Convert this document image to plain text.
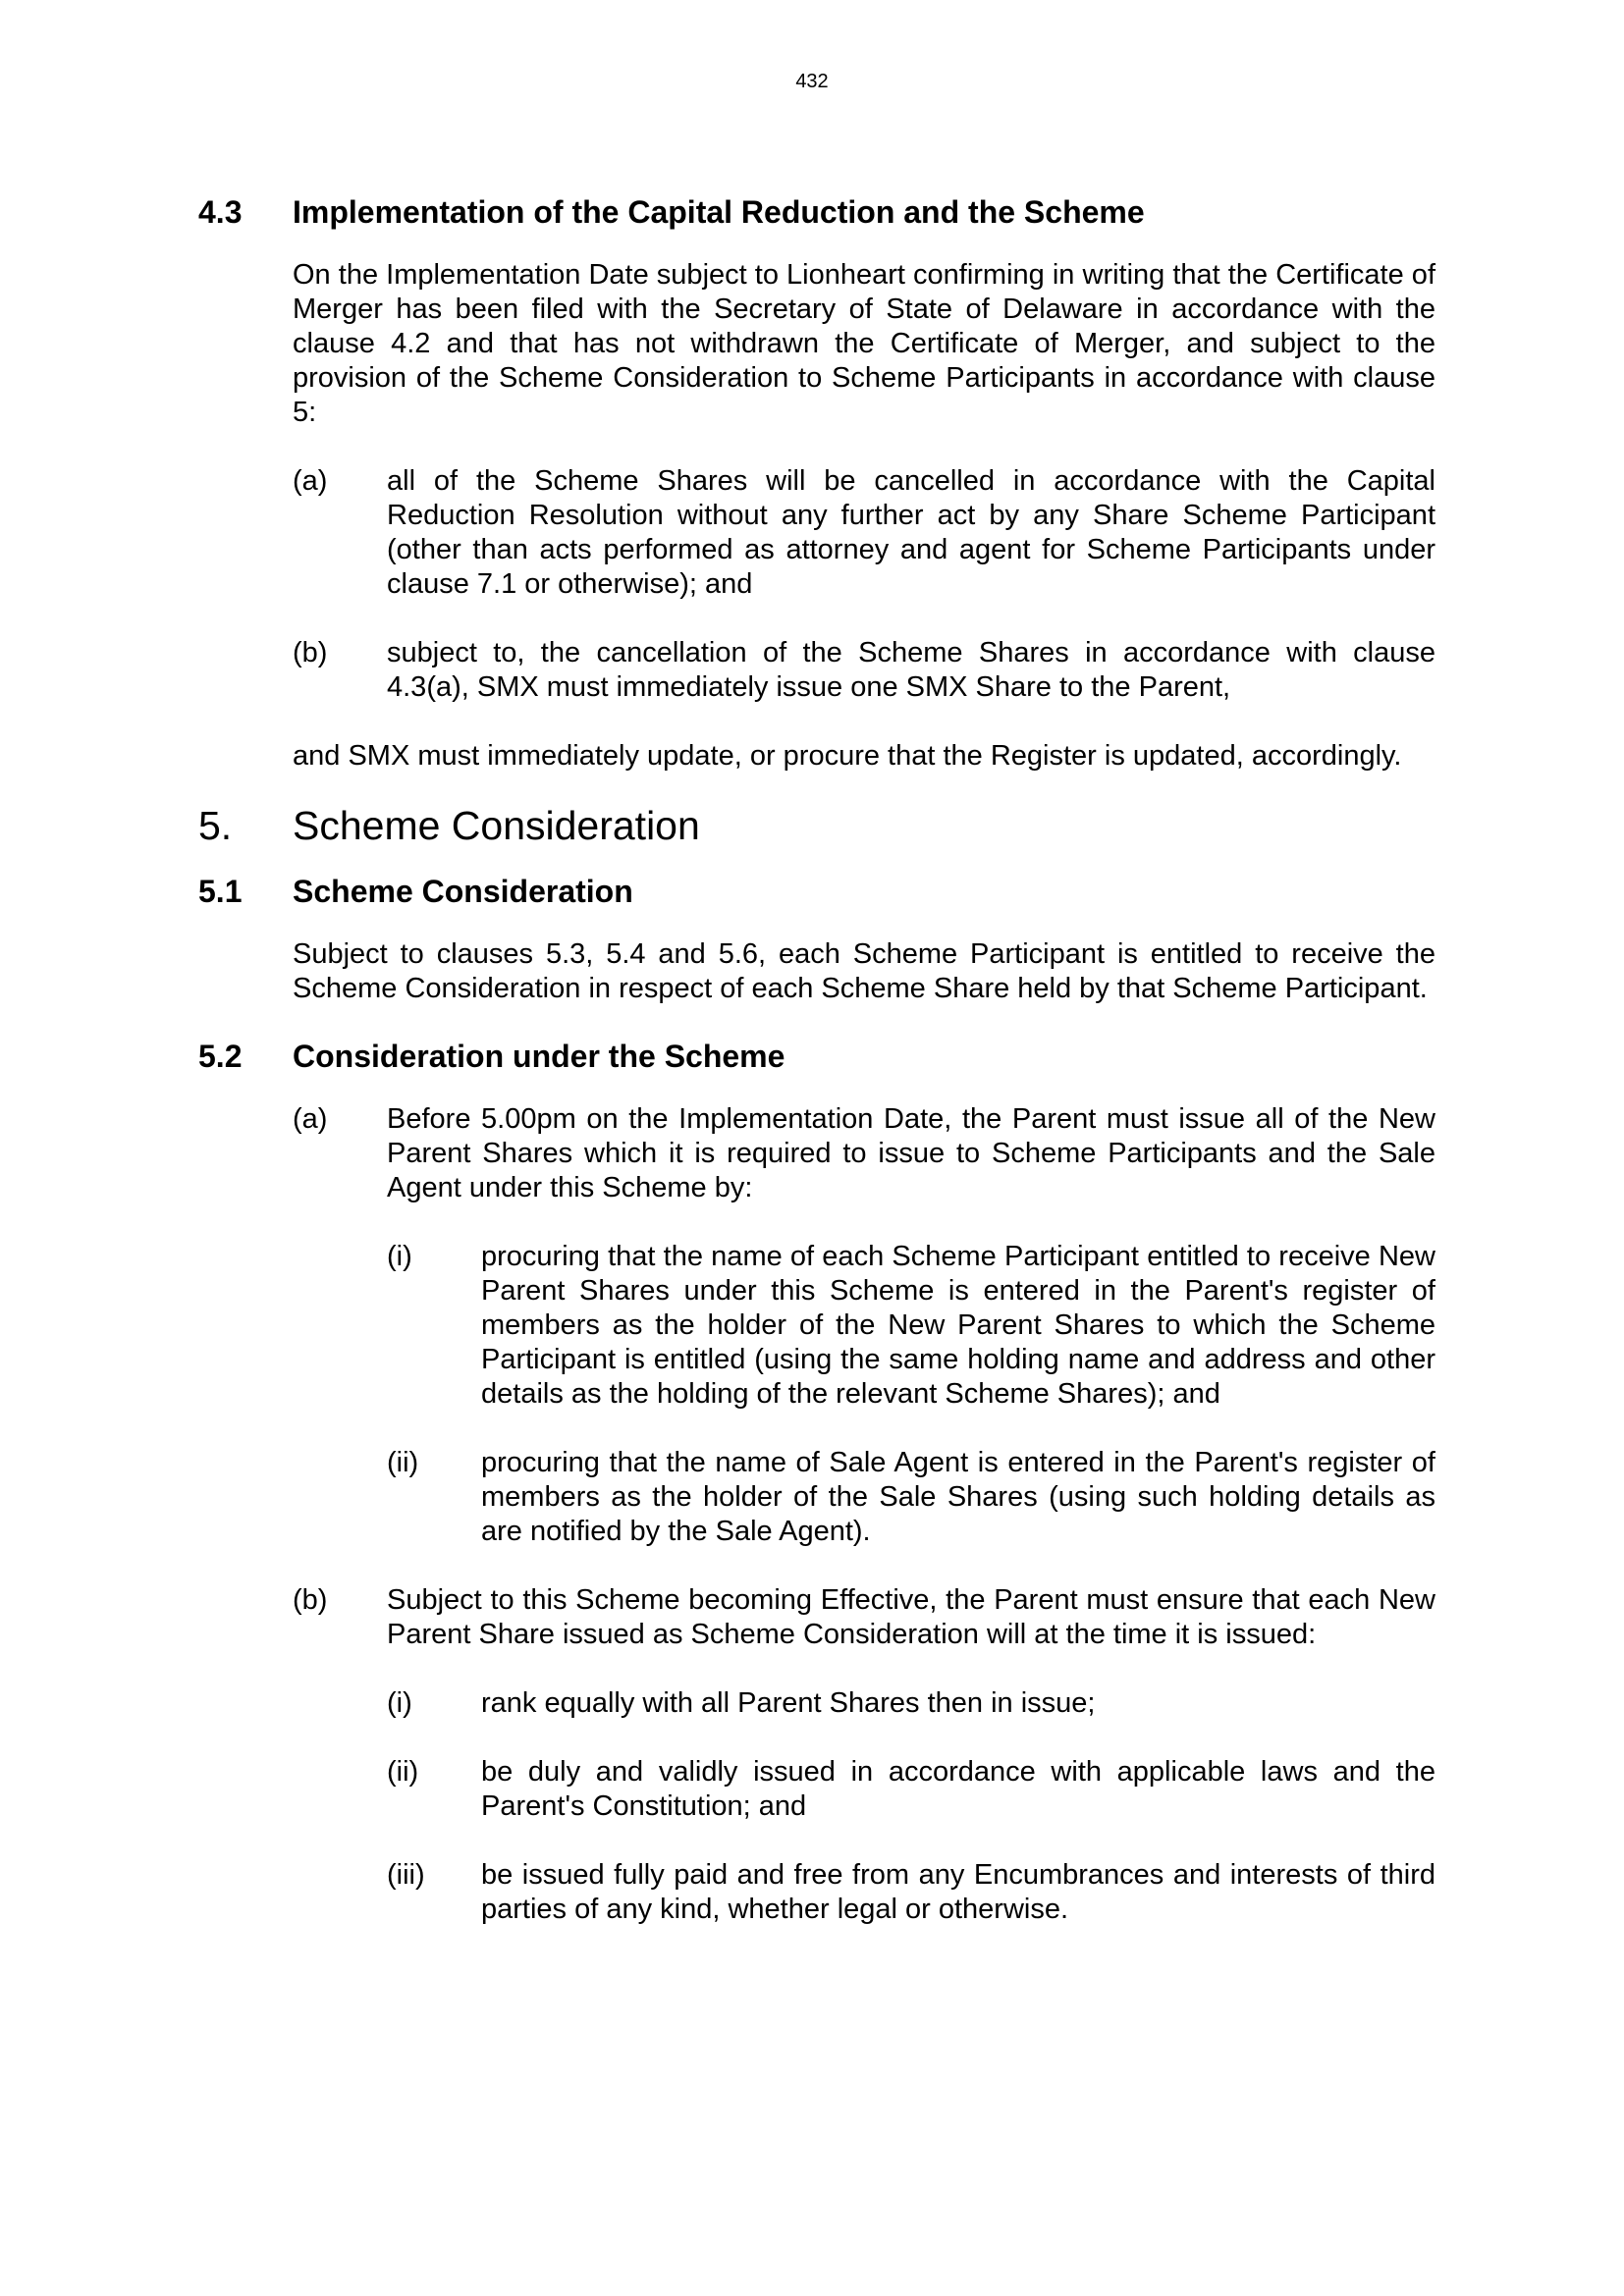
432
4.3	Implementation of the Capital Reduction and the Scheme
On the Implementation Date subject to Lionheart confirming in writing that the Certificate of Merger has been filed with the Secretary of State of Delaware in accordance with the clause 4.2 and that has not withdrawn the Certificate of Merger, and subject to the provision of the Scheme Consideration to Scheme Participants in accordance with clause 5:
(a)	all of the Scheme Shares will be cancelled in accordance with the Capital Reduction Resolution without any further act by any Share Scheme Participant (other than acts performed as attorney and agent for Scheme Participants under clause 7.1 or otherwise); and
(b)	subject to, the cancellation of the Scheme Shares in accordance with clause 4.3(a), SMX must immediately issue one SMX Share to the Parent,
and SMX must immediately update, or procure that the Register is updated, accordingly.
5.	Scheme Consideration
5.1	Scheme Consideration
Subject to clauses 5.3, 5.4 and 5.6, each Scheme Participant is entitled to receive the Scheme Consideration in respect of each Scheme Share held by that Scheme Participant.
5.2	Consideration under the Scheme
(a)	Before 5.00pm on the Implementation Date, the Parent must issue all of the New Parent Shares which it is required to issue to Scheme Participants and the Sale Agent under this Scheme by:
(i)	procuring that the name of each Scheme Participant entitled to receive New Parent Shares under this Scheme is entered in the Parent's register of members as the holder of the New Parent Shares to which the Scheme Participant is entitled (using the same holding name and address and other details as the holding of the relevant Scheme Shares); and
(ii)	procuring that the name of Sale Agent is entered in the Parent's register of members as the holder of the Sale Shares (using such holding details as are notified by the Sale Agent).
(b)	Subject to this Scheme becoming Effective, the Parent must ensure that each New Parent Share issued as Scheme Consideration will at the time it is issued:
(i)	rank equally with all Parent Shares then in issue;
(ii)	be duly and validly issued in accordance with applicable laws and the Parent's Constitution; and
(iii)	be issued fully paid and free from any Encumbrances and interests of third parties of any kind, whether legal or otherwise.
